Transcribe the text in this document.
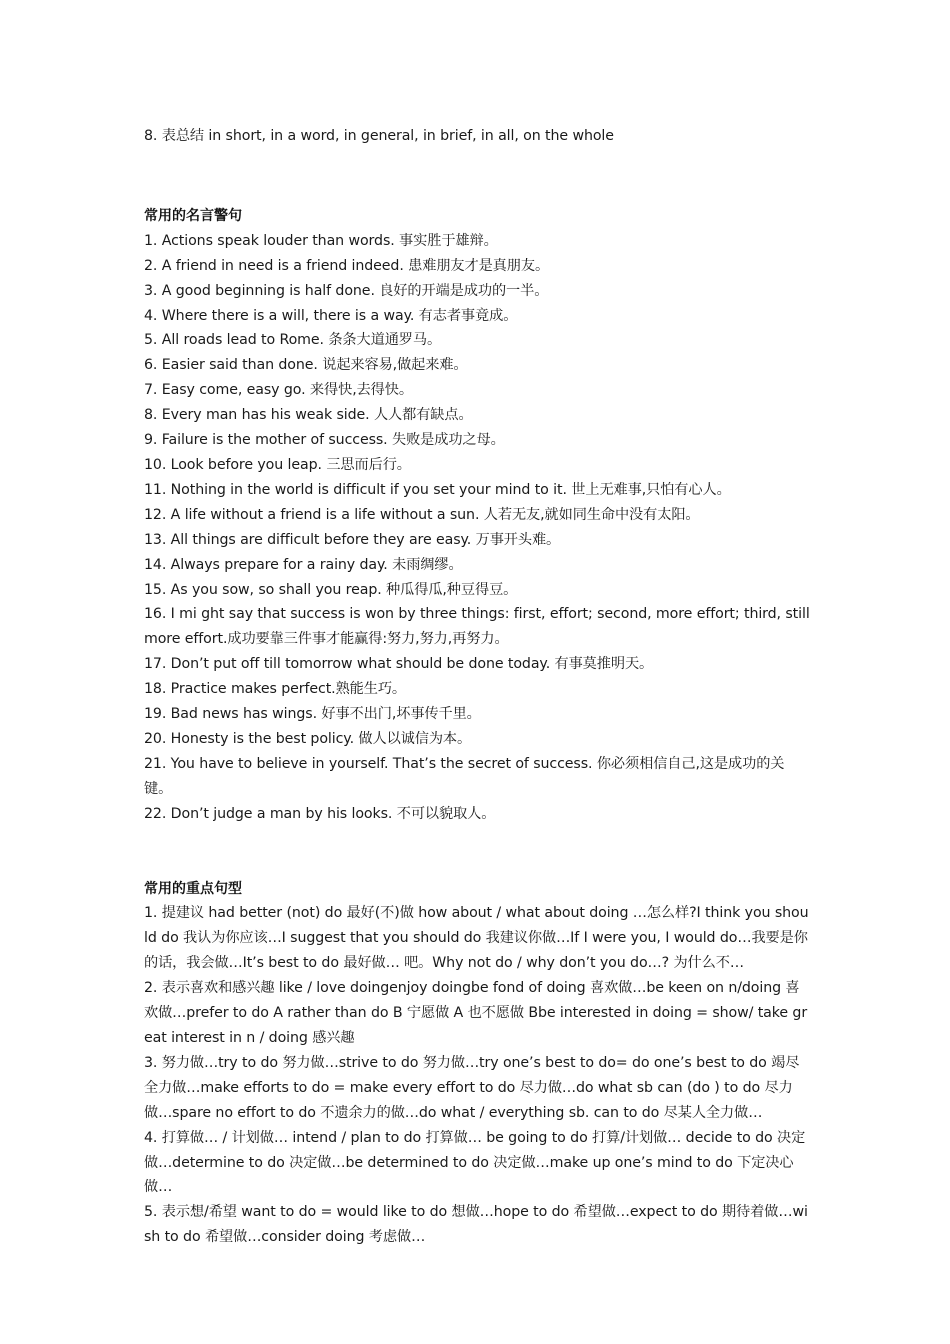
8. 表总结 in short, in a word, in general, in brief, in all, on the whole
常用的名言警句
1. Actions speak louder than words. 事实胜于雄辩。
2. A friend in need is a friend indeed. 患难朋友才是真朋友。
3. A good beginning is half done. 良好的开端是成功的一半。
4. Where there is a will, there is a way. 有志者事竟成。
5. All roads lead to Rome. 条条大道通罗马。
6. Easier said than done. 说起来容易,做起来难。
7. Easy come, easy go. 来得快,去得快。
8. Every man has his weak side. 人人都有缺点。
9. Failure is the mother of success. 失败是成功之母。
10. Look before you leap. 三思而后行。
11. Nothing in the world is difficult if you set your mind to it. 世上无难事,只怕有心人。
12. A life without a friend is a life without a sun. 人若无友,就如同生命中没有太阳。
13. All things are difficult before they are easy. 万事开头难。
14. Always prepare for a rainy day. 未雨绸缪。
15. As you sow, so shall you reap. 种瓜得瓜,种豆得豆。
16. I mi ght say that success is won by three things: first, effort; second, more effort; third, still more effort.成功要靠三件事才能赢得:努力,努力,再努力。
17. Don’t put off till tomorrow what should be done today. 有事莫推明天。
18. Practice makes perfect.熟能生巧。
19. Bad news has wings. 好事不出门,坏事传千里。
20. Honesty is the best policy. 做人以诚信为本。
21. You have to believe in yourself. That’s the secret of success. 你必须相信自己,这是成功的关键。
22. Don’t judge a man by his looks. 不可以貌取人。
常用的重点句型
1. 提建议 had better (not) do 最好(不)做 how about / what about doing …怎么样?I think you should do 我认为你应该…I suggest that you should do 我建议你做…If I were you, I would do…我要是你的话，我会做…It’s best to do 最好做… 吧。Why not do / why don’t you do…? 为什么不…
2. 表示喜欢和感兴趣 like / love doingenjoy doingbe fond of doing 喜欢做…be keen on n/doing 喜欢做…prefer to do A rather than do B 宁愿做 A 也不愿做 Bbe interested in doing = show/ take great interest in n / doing 感兴趣
3. 努力做…try to do 努力做…strive to do 努力做…try one’s best to do= do one’s best to do 竭尽全力做…make efforts to do = make every effort to do 尽力做…do what sb can (do ) to do 尽力做…spare no effort to do 不遗余力的做…do what / everything sb. can to do 尽某人全力做…
4. 打算做… / 计划做… intend / plan to do 打算做… be going to do 打算/计划做… decide to do 决定做…determine to do 决定做…be determined to do 决定做…make up one’s mind to do 下定决心做…
5. 表示想/希望 want to do = would like to do 想做…hope to do 希望做…expect to do 期待着做…wish to do 希望做…consider doing 考虑做…
